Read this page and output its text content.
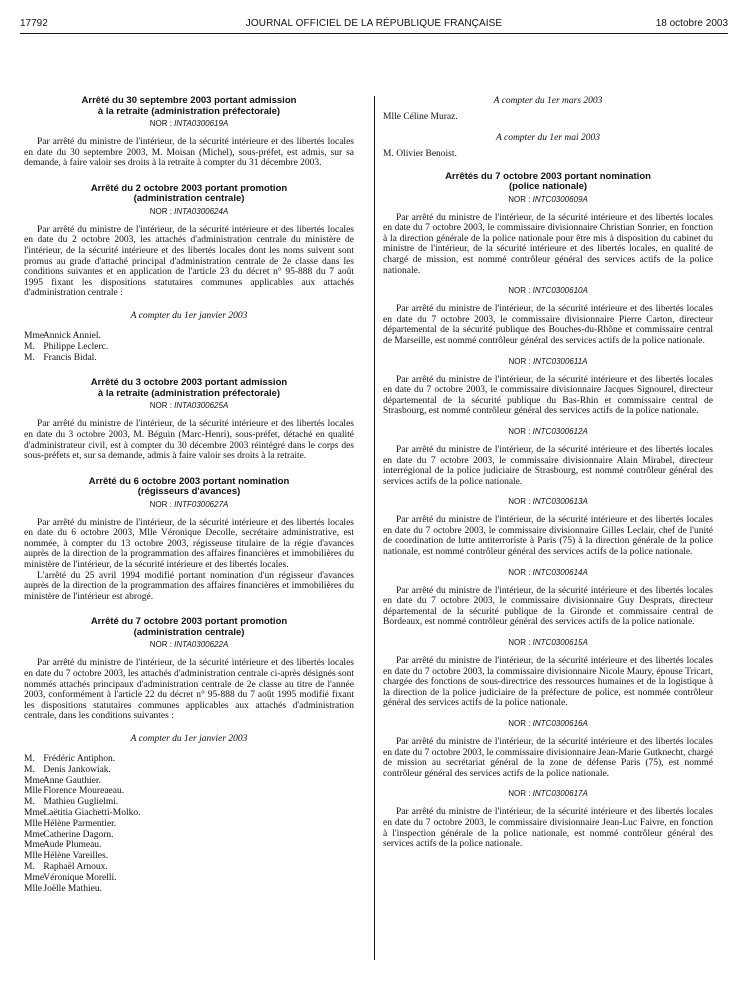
17792	JOURNAL OFFICIEL DE LA RÉPUBLIQUE FRANÇAISE	18 octobre 2003
Arrêté du 30 septembre 2003 portant admission
à la retraite (administration préfectorale)
NOR : INTA0300619A

Par arrêté du ministre de l'intérieur, de la sécurité intérieure et des libertés locales en date du 30 septembre 2003, M. Moisan (Michel), sous-préfet, est admis, sur sa demande, à faire valoir ses droits à la retraite à compter du 31 décembre 2003.

Arrêté du 2 octobre 2003 portant promotion
(administration centrale)
NOR : INTA0300624A

Par arrêté du ministre de l'intérieur, de la sécurité intérieure et des libertés locales en date du 2 octobre 2003, les attachés d'administration centrale du ministère de l'intérieur, de la sécurité intérieure et des libertés locales dont les noms suivent sont promus au grade d'attaché principal d'administration centrale de 2e classe dans les conditions suivantes et en application de l'article 23 du décret n° 95-888 du 7 août 1995 fixant les dispositions statutaires communes applicables aux attachés d'administration centrale :

A compter du 1er janvier 2003
Mme Annick Anniel.
M. Philippe Leclerc.
M. Francis Bidal.
Arrêté du 3 octobre 2003 portant admission
à la retraite (administration préfectorale)
NOR : INTA0300625A

Par arrêté du ministre de l'intérieur, de la sécurité intérieure et des libertés locales en date du 3 octobre 2003, M. Béguin (Marc-Henri), sous-préfet, détaché en qualité d'administrateur civil, est à compter du 30 décembre 2003 réintégré dans le corps des sous-préfets et, sur sa demande, admis à faire valoir ses droits à la retraite.

Arrêté du 6 octobre 2003 portant nomination
(régisseurs d'avances)
NOR : INTF0300627A

Par arrêté du ministre de l'intérieur, de la sécurité intérieure et des libertés locales en date du 6 octobre 2003, Mlle Véronique Decolle, secrétaire administrative, est nommée, à compter du 13 octobre 2003, régisseuse titulaire de la régie d'avances auprès de la direction de la programmation des affaires financières et immobilières du ministère de l'intérieur, de la sécurité intérieure et des libertés locales.

L'arrêté du 25 avril 1994 modifié portant nomination d'un régisseur d'avances auprès de la direction de la programmation des affaires financières et immobilières du ministère de l'intérieur est abrogé.

Arrêté du 7 octobre 2003 portant promotion
(administration centrale)
NOR : INTA0300622A

Par arrêté du ministre de l'intérieur, de la sécurité intérieure et des libertés locales en date du 7 octobre 2003, les attachés d'administration centrale ci-après désignés sont nommés attachés principaux d'administration centrale de 2e classe au titre de l'année 2003, conformément à l'article 22 du décret n° 95-888 du 7 août 1995 modifié fixant les dispositions statutaires communes applicables aux attachés d'administration centrale, dans les conditions suivantes :

A compter du 1er janvier 2003
M. Frédéric Antiphon.
M. Denis Jankowiak.
Mme Anne Gauthier.
Mlle Florence Moureaeau.
M. Mathieu Guglielmi.
Mme Laëtitia Giachetti-Molko.
Mlle Hélène Parmentier.
Mme Catherine Dagorn.
Mme Aude Plumeau.
Mlle Hélène Vareilles.
M. Raphaël Arnoux.
Mme Véronique Morelli.
Mlle Joëlle Mathieu.
A compter du 1er mars 2003
Mlle Céline Muraz.
A compter du 1er mai 2003
M. Olivier Benoist.
Arrêtés du 7 octobre 2003 portant nomination
(police nationale)
NOR : INTC0300609A

Par arrêté du ministre de l'intérieur, de la sécurité intérieure et des libertés locales en date du 7 octobre 2003, le commissaire divisionnaire Christian Sonrier, en fonction à la direction générale de la police nationale pour être mis à disposition du cabinet du ministre de l'intérieur, de la sécurité intérieure et des libertés locales, en qualité de chargé de mission, est nommé contrôleur général des services actifs de la police nationale.

NOR : INTC0300610A

Par arrêté du ministre de l'intérieur, de la sécurité intérieure et des libertés locales en date du 7 octobre 2003, le commissaire divisionnaire Pierre Carton, directeur départemental de la sécurité publique des Bouches-du-Rhône et commissaire central de Marseille, est nommé contrôleur général des services actifs de la police nationale.

NOR : INTC0300611A

Par arrêté du ministre de l'intérieur, de la sécurité intérieure et des libertés locales en date du 7 octobre 2003, le commissaire divisionnaire Jacques Signourel, directeur départemental de la sécurité publique du Bas-Rhin et commissaire central de Strasbourg, est nommé contrôleur général des services actifs de la police nationale.

NOR : INTC0300612A

Par arrêté du ministre de l'intérieur, de la sécurité intérieure et des libertés locales en date du 7 octobre 2003, le commissaire divisionnaire Alain Mirabel, directeur interrégional de la police judiciaire de Strasbourg, est nommé contrôleur général des services actifs de la police nationale.

NOR : INTC0300613A

Par arrêté du ministre de l'intérieur, de la sécurité intérieure et des libertés locales en date du 7 octobre 2003, le commissaire divisionnaire Gilles Leclair, chef de l'unité de coordination de lutte antiterroriste à Paris (75) à la direction générale de la police nationale, est nommé contrôleur général des services actifs de la police nationale.

NOR : INTC0300614A

Par arrêté du ministre de l'intérieur, de la sécurité intérieure et des libertés locales en date du 7 octobre 2003, le commissaire divisionnaire Guy Desprats, directeur départemental de la sécurité publique de la Gironde et commissaire central de Bordeaux, est nommé contrôleur général des services actifs de la police nationale.

NOR : INTC0300615A

Par arrêté du ministre de l'intérieur, de la sécurité intérieure et des libertés locales en date du 7 octobre 2003, la commissaire divisionnaire Nicole Maury, épouse Tricart, chargée des fonctions de sous-directrice des ressources humaines et de la logistique à la direction de la police judiciaire de la préfecture de police, est nommée contrôleur général des services actifs de la police nationale.

NOR : INTC0300616A

Par arrêté du ministre de l'intérieur, de la sécurité intérieure et des libertés locales en date du 7 octobre 2003, le commissaire divisionnaire Jean-Marie Gutknecht, chargé de mission au secrétariat général de la zone de défense Paris (75), est nommé contrôleur général des services actifs de la police nationale.

NOR : INTC0300617A

Par arrêté du ministre de l'intérieur, de la sécurité intérieure et des libertés locales en date du 7 octobre 2003, le commissaire divisionnaire Jean-Luc Faivre, en fonction à l'inspection générale de la police nationale, est nommé contrôleur général des services actifs de la police nationale.
